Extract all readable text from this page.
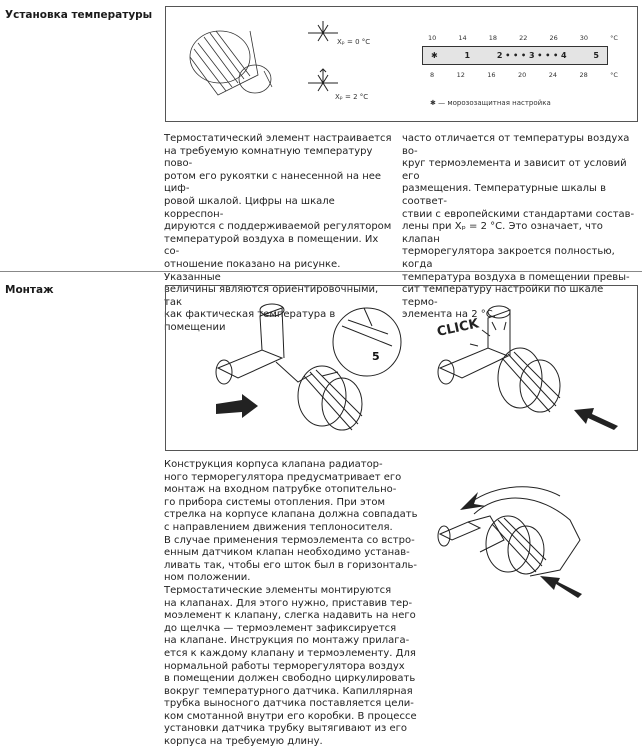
Установка температуры
Xₚ = 0 °C
Xₚ = 2 °C
10	14	18	22	26	30	°C
✱	1	2 • • • 3 • • • 4	5
8	12	16	20	24	28	°C
✱ — морозозащитная настройка
Термостатический элемент настраивается
на требуемую комнатную температуру пово-
ротом его рукоятки с нанесенной на нее циф-
ровой шкалой. Цифры на шкале корреспон-
дируются с поддерживаемой регулятором
температурой воздуха в помещении. Их со-
отношение показано на рисунке. Указанные
величины являются ориентировочными, так
как фактическая температура в помещении
часто отличается от температуры воздуха во-
круг термоэлемента и зависит от условий его
размещения. Температурные шкалы в соответ-
ствии с европейскими стандартами состав-
лены при Xₚ = 2 °С. Это означает, что клапан
терморегулятора закроется полностью, когда
температура воздуха в помещении превы-
сит температуру настройки по шкале термо-
элемента на 2 °С.
Монтаж
5
CLICK
Конструкция корпуса клапана радиатор-
ного терморегулятора предусматривает его
монтаж на входном патрубке отопительно-
го прибора системы отопления. При этом
стрелка на корпусе клапана должна совпадать
с направлением движения теплоносителя.
В случае применения термоэлемента со встро-
енным датчиком клапан необходимо устанав-
ливать так, чтобы его шток был в горизонталь-
ном положении.
Термостатические элементы монтируются
на клапанах. Для этого нужно, приставив тер-
моэлемент к клапану, слегка надавить на него
до щелчка — термоэлемент зафиксируется
на клапане. Инструкция по монтажу прилага-
ется к каждому клапану и термоэлементу. Для
нормальной работы терморегулятора воздух
в помещении должен свободно циркулировать
вокруг температурного датчика. Капиллярная
трубка выносного датчика поставляется цели-
ком смотанной внутри его коробки. В процессе
установки датчика трубку вытягивают из его
корпуса на требуемую длину.
